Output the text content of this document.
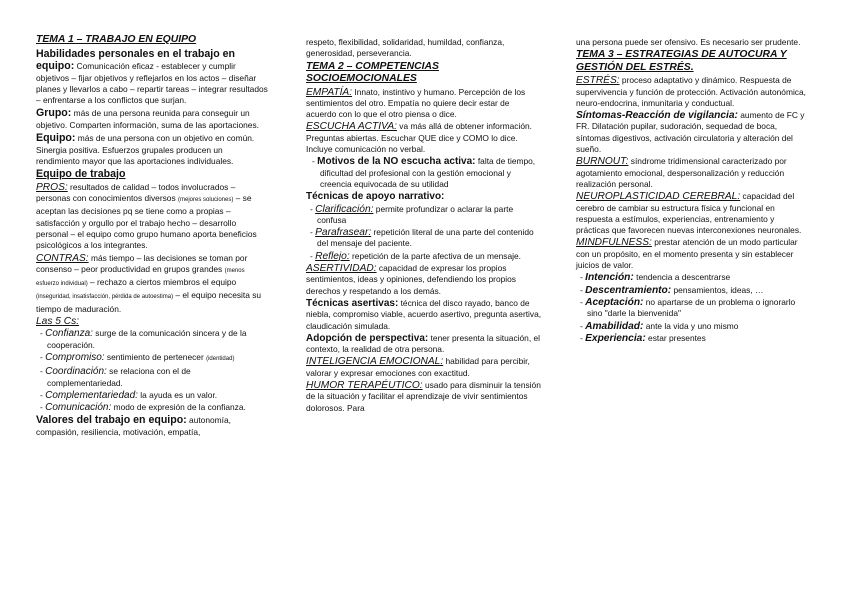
TEMA 1 – TRABAJO EN EQUIPO

Habilidades personales en el trabajo en equipo: Comunicación eficaz - establecer y cumplir objetivos – fijar objetivos y reflejarlos en los actos – diseñar planes y llevarlos a cabo – repartir tareas – integrar resultados – enfrentarse a los conflictos que surjan.

Grupo: más de una persona reunida para conseguir un objetivo. Comparten información, suma de las aportaciones.

Equipo: más de una persona con un objetivo en común. Sinergia positiva. Esfuerzos grupales producen un rendimiento mayor que las aportaciones individuales.

Equipo de trabajo

PROS: resultados de calidad – todos involucrados – personas con conocimientos diversos (mejores soluciones) – se aceptan las decisiones pq se tiene como a propias – satisfacción y orgullo por el trabajo hecho – desarrollo personal – el equipo como grupo humano aporta beneficios psicológicos a los integrantes.

CONTRAS: más tiempo – las decisiones se toman por consenso – peor productividad en grupos grandes (menos esfuerzo individual) – rechazo a ciertos miembros el equipo (inseguridad, insatisfacción, pérdida de autoestima) – el equipo necesita su tiempo de maduración.

Las 5 Cs:

- Confianza: surge de la comunicación sincera y de la cooperación.

- Compromiso: sentimiento de pertenecer (identidad)

- Coordinación: se relaciona con el de complementariedad.

- Complementariedad: la ayuda es un valor.

- Comunicación: modo de expresión de la confianza.

Valores del trabajo en equipo: autonomía, compasión, resiliencia, motivación, empatía,

respeto, flexibilidad, solidaridad, humildad, confianza, generosidad, perseverancia.

TEMA 2 – COMPETENCIAS SOCIOEMOCIONALES

EMPATÍA: Innato, instintivo y humano. Percepción de los sentimientos del otro. Empatía no quiere decir estar de acuerdo con lo que el otro piensa o dice.

ESCUCHA ACTIVA: va más allá de obtener información. Preguntas abiertas. Escuchar QUE dice y COMO lo dice. Incluye comunicación no verbal.

- Motivos de la NO escucha activa: falta de tiempo, dificultad del profesional con la gestión emocional y creencia equivocada de su utilidad

Técnicas de apoyo narrativo:

- Clarificación: permite profundizar o aclarar la parte confusa

- Parafrasear: repetición literal de una parte del contenido del mensaje del paciente.

- Reflejo: repetición de la parte afectiva de un mensaje.

ASERTIVIDAD: capacidad de expresar los propios sentimientos, ideas y opiniones, defendiendo los propios derechos y respetando a los demás.

Técnicas asertivas: técnica del disco rayado, banco de niebla, compromiso viable, acuerdo asertivo, pregunta asertiva, claudicación simulada.

Adopción de perspectiva: tener presenta la situación, el contexto, la realidad de otra persona.

INTELIGENCIA EMOCIONAL: habilidad para percibir, valorar y expresar emociones con exactitud.

HUMOR TERAPÉUTICO: usado para disminuir la tensión de la situación y facilitar el aprendizaje de vivir sentimientos dolorosos. Para

una persona puede ser ofensivo. Es necesario ser prudente.

TEMA 3 – ESTRATEGIAS DE AUTOCURA Y GESTIÓN DEL ESTRÉS.

ESTRÉS: proceso adaptativo y dinámico. Respuesta de supervivencia y función de protección. Activación autonómica, neuro-endocrina, inmunitaria y conductual.

Síntomas-Reacción de vigilancia: aumento de FC y FR. Dilatación pupilar, sudoración, sequedad de boca, síntomas digestivos, activación circulatoria y alteración del sueño.

BURNOUT: síndrome tridimensional caracterizado por agotamiento emocional, despersonalización y reducción realización personal.

NEUROPLASTICIDAD CEREBRAL: capacidad del cerebro de cambiar su estructura física y funcional en respuesta a estímulos, experiencias, entrenamiento y prácticas que favorecen nuevas interconexiones neuronales.

MINDFULNESS: prestar atención de un modo particular con un propósito, en el momento presenta y sin establecer juicios de valor.

- Intención: tendencia a descentrarse

- Descentramiento: pensamientos, ideas, …

- Aceptación: no apartarse de un problema o ignorarlo sino "darle la bienvenida"

- Amabilidad: ante la vida y uno mismo

- Experiencia: estar presentes
